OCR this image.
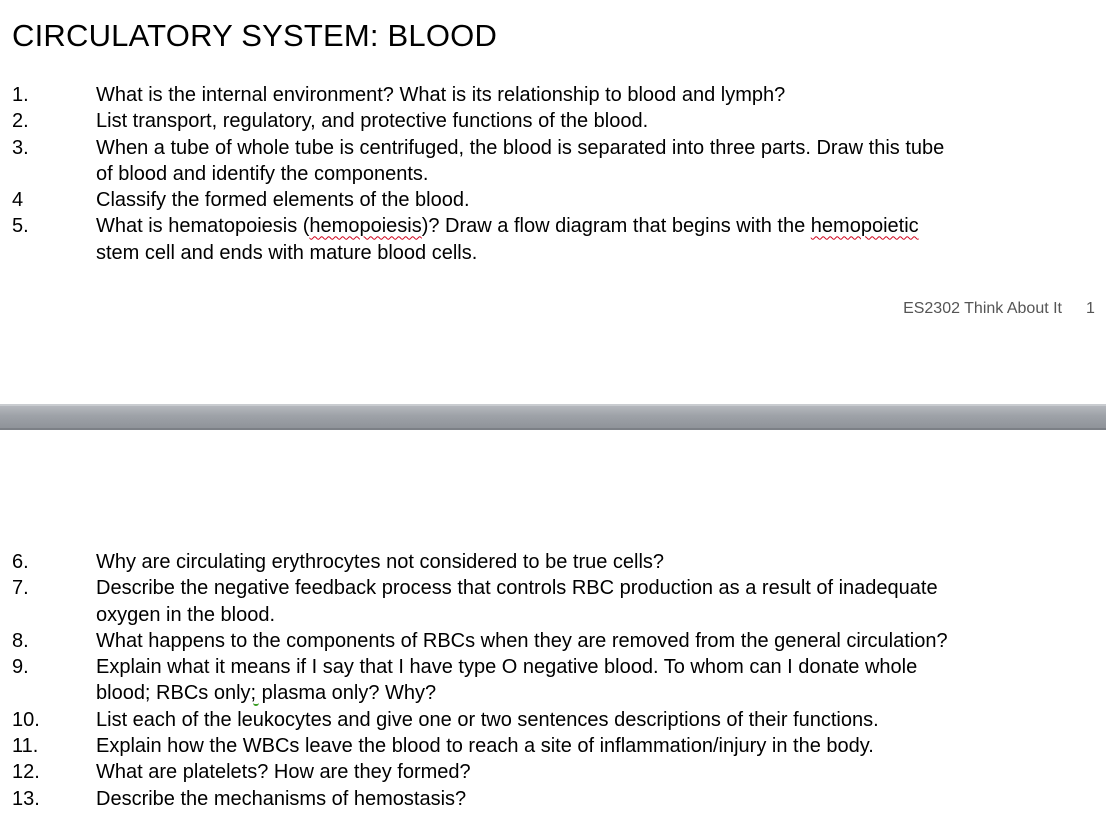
CIRCULATORY SYSTEM: BLOOD
1.	What is the internal environment? What is its relationship to blood and lymph?
2.	List transport, regulatory, and protective functions of the blood.
3.	When a tube of whole tube is centrifuged, the blood is separated into three parts. Draw this tube
of blood and identify the components.
4	Classify the formed elements of the blood.
5.	What is hematopoiesis (hemopoiesis)? Draw a flow diagram that begins with the hemopoietic
stem cell and ends with mature blood cells.
ES2302 Think About It 1
6.	Why are circulating erythrocytes not considered to be true cells?
7.	Describe the negative feedback process that controls RBC production as a result of inadequate
oxygen in the blood.
8.	What happens to the components of RBCs when they are removed from the general circulation?
9.	Explain what it means if I say that I have type O negative blood. To whom can I donate whole
blood; RBCs only; plasma only? Why?
10.	List each of the leukocytes and give one or two sentences descriptions of their functions.
11.	Explain how the WBCs leave the blood to reach a site of inflammation/injury in the body.
12.	What are platelets? How are they formed?
13.	Describe the mechanisms of hemostasis?
